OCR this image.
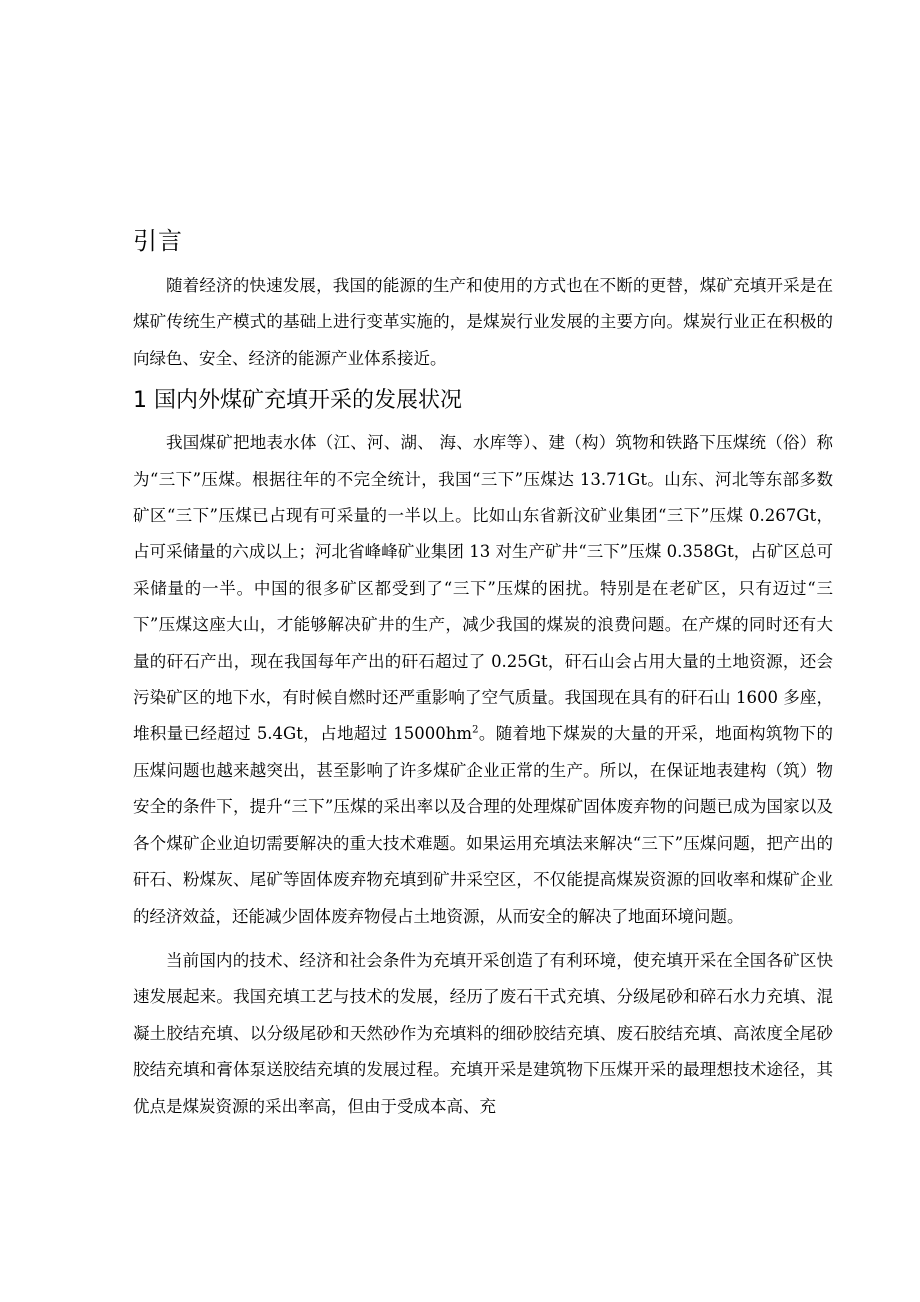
引言

随着经济的快速发展，我国的能源的生产和使用的方式也在不断的更替，煤矿充填开采是在煤矿传统生产模式的基础上进行变革实施的，是煤炭行业发展的主要方向。煤炭行业正在积极的向绿色、安全、经济的能源产业体系接近。

1 国内外煤矿充填开采的发展状况

我国煤矿把地表水体（江、河、湖、 海、水库等）、建（构）筑物和铁路下压煤统（俗）称为“三下”压煤。根据往年的不完全统计，我国“三下”压煤达 13.71Gt。山东、河北等东部多数矿区“三下”压煤已占现有可采量的一半以上。比如山东省新汶矿业集团“三下”压煤 0.267Gt，占可采储量的六成以上；河北省峰峰矿业集团 13 对生产矿井“三下”压煤 0.358Gt，占矿区总可采储量的一半。中国的很多矿区都受到了“三下”压煤的困扰。特别是在老矿区，只有迈过“三下”压煤这座大山，才能够解决矿井的生产，减少我国的煤炭的浪费问题。在产煤的同时还有大量的矸石产出，现在我国每年产出的矸石超过了 0.25Gt，矸石山会占用大量的土地资源，还会污染矿区的地下水，有时候自燃时还严重影响了空气质量。我国现在具有的矸石山 1600 多座，堆积量已经超过 5.4Gt，占地超过 $15000hm^2$。随着地下煤炭的大量的开采，地面构筑物下的压煤问题也越来越突出，甚至影响了许多煤矿企业正常的生产。所以，在保证地表建构（筑）物安全的条件下，提升“三下”压煤的采出率以及合理的处理煤矿固体废弃物的问题已成为国家以及各个煤矿企业迫切需要解决的重大技术难题。如果运用充填法来解决“三下”压煤问题，把产出的矸石、粉煤灰、尾矿等固体废弃物充填到矿井采空区，不仅能提高煤炭资源的回收率和煤矿企业的经济效益，还能减少固体废弃物侵占土地资源，从而安全的解决了地面环境问题。

当前国内的技术、经济和社会条件为充填开采创造了有利环境，使充填开采在全国各矿区快速发展起来。我国充填工艺与技术的发展，经历了废石干式充填、分级尾砂和碎石水力充填、混凝土胶结充填、以分级尾砂和天然砂作为充填料的细砂胶结充填、废石胶结充填、高浓度全尾砂胶结充填和膏体泵送胶结充填的发展过程。充填开采是建筑物下压煤开采的最理想技术途径，其优点是煤炭资源的采出率高，但由于受成本高、充
